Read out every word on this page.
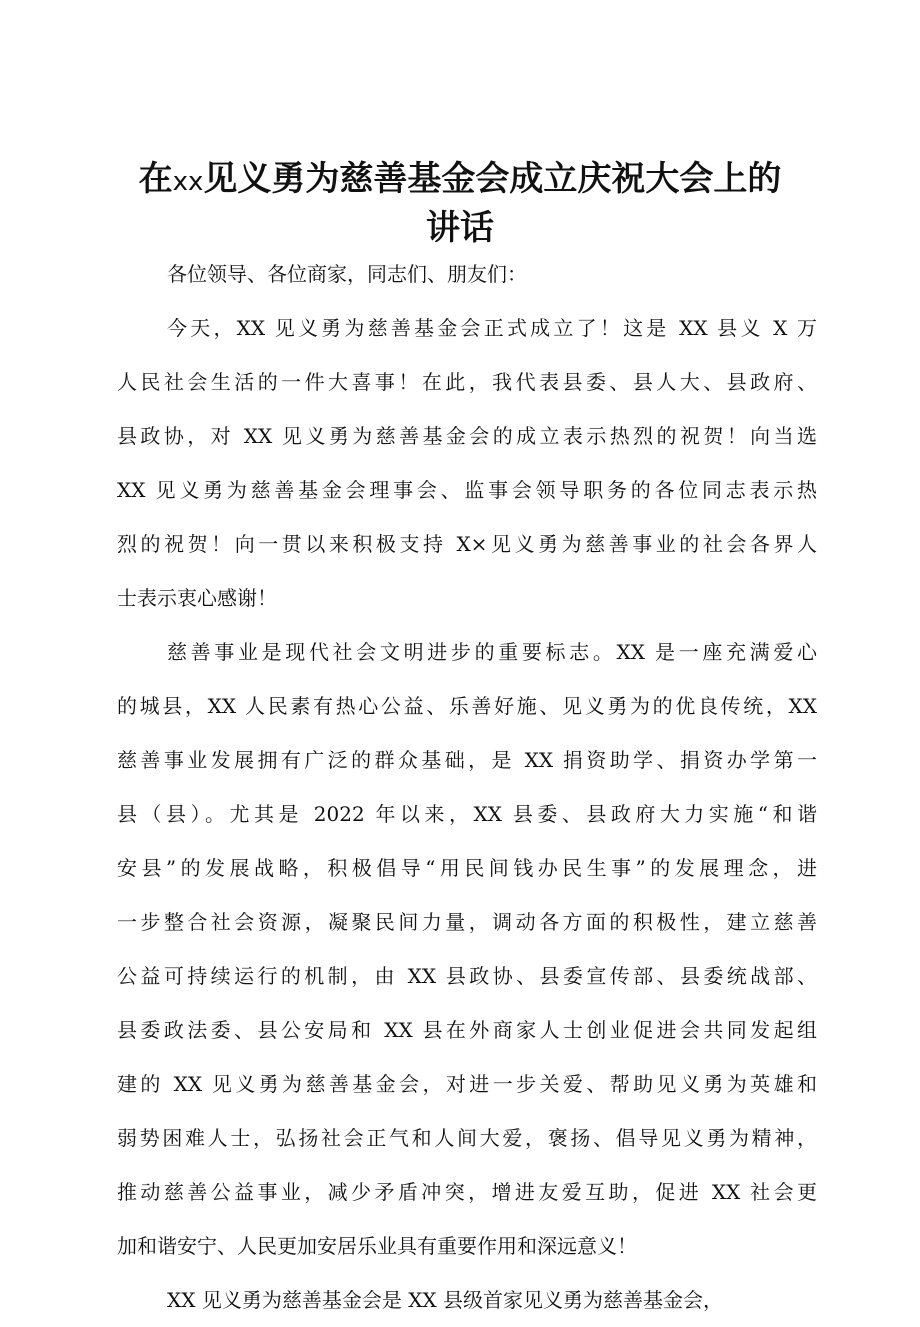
在xx见义勇为慈善基金会成立庆祝大会上的
讲话
各位领导、各位商家，同志们、朋友们：
今天，XX 见义勇为慈善基金会正式成立了！这是 XX 县义 X 万
人民社会生活的一件大喜事！在此，我代表县委、县人大、县政府、
县政协，对 XX 见义勇为慈善基金会的成立表示热烈的祝贺！向当选
XX 见义勇为慈善基金会理事会、监事会领导职务的各位同志表示热
烈的祝贺！向一贯以来积极支持 X×见义勇为慈善事业的社会各界人
士表示衷心感谢！
慈善事业是现代社会文明进步的重要标志。XX 是一座充满爱心
的城县，XX 人民素有热心公益、乐善好施、见义勇为的优良传统，XX
慈善事业发展拥有广泛的群众基础，是 XX 捐资助学、捐资办学第一
县（县）。尤其是 2022 年以来，XX 县委、县政府大力实施“和谐
安县”的发展战略，积极倡导“用民间钱办民生事”的发展理念，进
一步整合社会资源，凝聚民间力量，调动各方面的积极性，建立慈善
公益可持续运行的机制，由 XX 县政协、县委宣传部、县委统战部、
县委政法委、县公安局和 XX 县在外商家人士创业促进会共同发起组
建的 XX 见义勇为慈善基金会，对进一步关爱、帮助见义勇为英雄和
弱势困难人士，弘扬社会正气和人间大爱，褒扬、倡导见义勇为精神，
推动慈善公益事业，减少矛盾冲突，增进友爱互助，促进 XX 社会更
加和谐安宁、人民更加安居乐业具有重要作用和深远意义！
XX 见义勇为慈善基金会是 XX 县级首家见义勇为慈善基金会，
